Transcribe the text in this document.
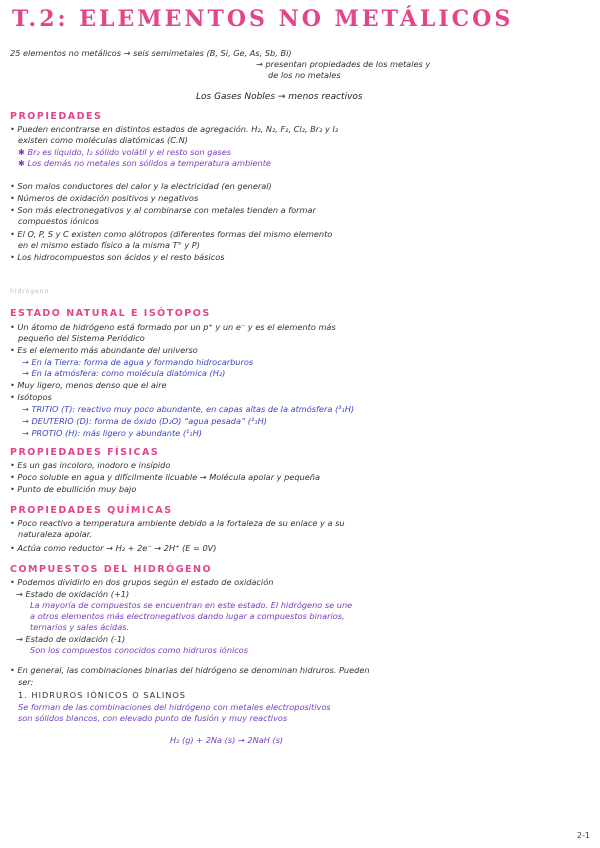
T.2: ELEMENTOS NO METÁLICOS
25 elementos no metálicos → seis semimetales (B, Si, Ge, As, Sb, Bi)
→ presentan propiedades de los metales y
de los no metales
Los Gases Nobles → menos reactivos
PROPIEDADES
• Pueden encontrarse en distintos estados de agregación. H₂, N₂, F₂, Cl₂, Br₂ y I₂
existen como moléculas diatómicas (C.N)
✱ Br₂ es líquido, I₂ sólido volátil y el resto son gases
✱ Los demás no metales son sólidos a temperatura ambiente
• Son malos conductores del calor y la electricidad (en general)
• Números de oxidación positivos y negativos
• Son más electronegativos y al combinarse con metales tienden a formar
compuestos iónicos
• El O, P, S y C existen como alótropos (diferentes formas del mismo elemento
en el mismo estado físico a la misma T° y P)
• Los hidrocompuestos son ácidos y el resto básicos
hidrógeno
ESTADO NATURAL E ISÓTOPOS
• Un átomo de hidrógeno está formado por un p⁺ y un e⁻ y es el elemento más
pequeño del Sistema Periódico
• Es el elemento más abundante del universo
→ En la Tierra: forma de agua y formando hidrocarburos
→ En la atmósfera: como molécula diatómica (H₂)
• Muy ligero, menos denso que el aire
• Isótopos
→ TRITIO (T): reactivo muy poco abundante, en capas altas de la atmósfera (³₁H)
→ DEUTERIO (D): forma de óxido (D₂O) “agua pesada” (²₁H)
→ PROTIO (H): más ligero y abundante (¹₁H)
PROPIEDADES FÍSICAS
• Es un gas incoloro, inodoro e insípido
• Poco soluble en agua y difícilmente licuable → Molécula apolar y pequeña
• Punto de ebullición muy bajo
PROPIEDADES QUÍMICAS
• Poco reactivo a temperatura ambiente debido a la fortaleza de su enlace y a su
naturaleza apolar.
• Actúa como reductor → H₂ + 2e⁻ → 2H⁺ (E = 0V)
COMPUESTOS DEL HIDRÓGENO
• Podemos dividirlo en dos grupos según el estado de oxidación
→ Estado de oxidación (+1)
La mayoría de compuestos se encuentran en este estado. El hidrógeno se une
a otros elementos más electronegativos dando lugar a compuestos binarios,
ternarios y sales ácidas.
→ Estado de oxidación (-1)
Son los compuestos conocidos como hidruros iónicos
• En general, las combinaciones binarias del hidrógeno se denominan hidruros. Pueden
ser:
1. HIDRUROS IÓNICOS O SALINOS
Se forman de las combinaciones del hidrógeno con metales electropositivos
son sólidos blancos, con elevado punto de fusión y muy reactivos
H₂ (g) + 2Na (s) → 2NaH (s)
2-1
